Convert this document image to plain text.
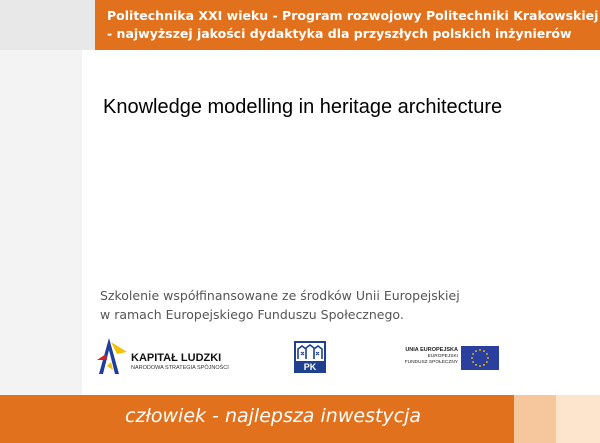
Politechnika XXI wieku - Program rozwojowy Politechniki Krakowskiej
- najwyższej jakości dydaktyka dla przyszłych polskich inżynierów
Knowledge modelling in heritage architecture
Szkolenie współfinansowane ze środków Unii Europejskiej
w ramach Europejskiego Funduszu Społecznego.
KAPITAŁ LUDZKI
NARODOWA STRATEGIA SPÓJNOŚCI	PK
UNIA EUROPEJSKA
EUROPEJSKI
FUNDUSZ SPOŁECZNY
człowiek - najlepsza inwestycja
